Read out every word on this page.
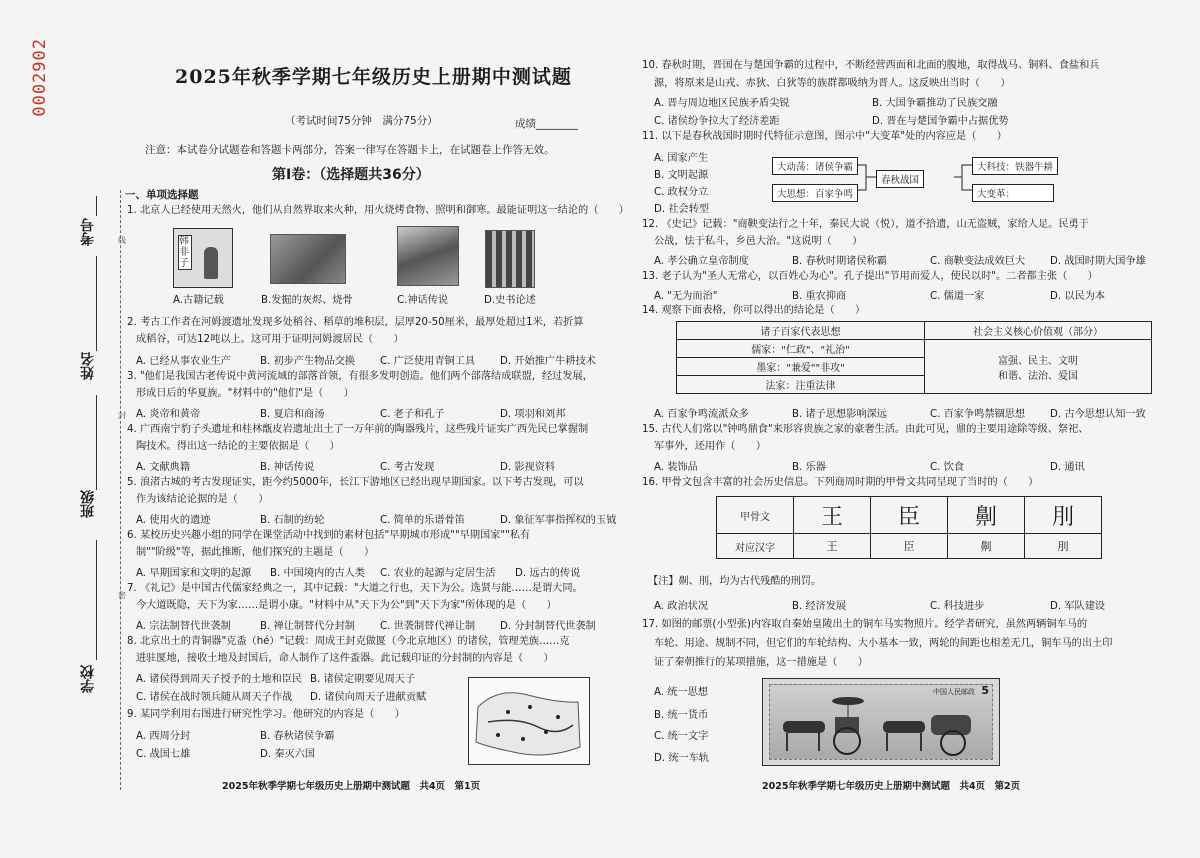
0002902
考号
姓名
班级
学校
线
封
密
2025年秋季学期七年级历史上册期中测试题
（考试时间75分钟　满分75分）	成绩________
注意：本试卷分试题卷和答题卡两部分，答案一律写在答题卡上，在试题卷上作答无效。
第Ⅰ卷：（选择题共36分）
一、单项选择题
1. 北京人已经使用天然火，他们从自然界取来火种，用火烧烤食物、照明和御寒。最能证明这一结论的（　　）
韩非子
A.古籍记载	B.发掘的灰烬、烧骨	C.神话传说	D.史书论述
2. 考古工作者在河姆渡遗址发现多处稻谷、稻草的堆积层，层厚20-50厘米，最厚处超过1米，若折算
成稻谷，可达12吨以上。这可用于证明河姆渡居民（　　）
A. 已经从事农业生产	B. 初步产生物品交换 C. 广泛使用青铜工具 D. 开始推广牛耕技术
3. "他们是我国古老传说中黄河流域的部落首领，有很多发明创造。他们两个部落结成联盟，经过发展，
形成日后的华夏族。"材料中的"他们"是（　　）
A. 炎帝和黄帝	B. 夏启和商汤	C. 老子和孔子	D. 项羽和刘邦
4. 广西南宁豹子头遗址和桂林甑皮岩遗址出土了一万年前的陶器残片，这些残片证实广西先民已掌握制
陶技术。得出这一结论的主要依据是（　　）
A. 文献典籍	B. 神话传说	C. 考古发现	D. 影视资料
5. 浪渚古城的考古发现证实，距今约5000年，长江下游地区已经出现早期国家。以下考古发现，可以
作为该结论论据的是（　　）
A. 使用火的遗迹	B. 石制的纺轮	C. 简单的乐谱骨笛	D. 象征军事指挥权的玉钺
6. 某校历史兴趣小组的同学在课堂活动中找到的素材包括"早期城市形成""早期国家""私有
制""阶级"等，据此推断，他们探究的主题是（　　）
A. 早期国家和文明的起源 B. 中国境内的古人类 C. 农业的起源与定居生活 D. 远古的传说
7. 《礼记》是中国古代儒家经典之一，其中记载："大道之行也，天下为公。选贤与能……是谓大同。
今大道既隐，天下为家……是谓小康。"材料中从"天下为公"到"天下为家"所体现的是（　　）
A. 宗法制替代世袭制	B. 禅让制替代分封制 C. 世袭制替代禅让制 D. 分封制替代世袭制
8. 北京出土的青铜器"克盉（hé）"记载：周成王封克做匽（今北京地区）的诸侯，管理羌族……克
进驻匽地，接收土地及封国后，命人制作了这件盉器。此记载印证的分封制的内容是（　　）
A. 诸侯得到周天子授予的土地和臣民 B. 诸侯定期要见周天子
C. 诸侯在战时领兵随从周天子作战 D. 诸侯向周天子进献贡赋
9. 某同学利用右图进行研究性学习。他研究的内容是（　　）
A. 西周分封	B. 春秋诸侯争霸
C. 战国七雄	D. 秦灭六国
2025年秋季学期七年级历史上册期中测试题　共4页　第1页
10. 春秋时期，晋国在与楚国争霸的过程中，不断经营西面和北面的腹地，取得战马、铜料、食盐和兵
源，将原来是山戎、赤狄、白狄等的族群都吸纳为晋人。这反映出当时（　　）
A. 晋与周边地区民族矛盾尖锐	B. 大国争霸推动了民族交融
C. 诸侯纷争拉大了经济差距	D. 晋在与楚国争霸中占据优势
11. 以下是春秋战国时期时代特征示意图，图示中"大变革"处的内容应是（　　）
A. 国家产生
B. 文明起源
C. 政权分立
D. 社会转型
大动荡：诸侯争霸
大思想：百家争鸣
春秋战国
大科技：铁器牛耕
大变革：
12. 《史记》记载："商鞅变法行之十年，秦民大说（悦），道不拾遗，山无盗贼，家给人足。民勇于
公战，怯于私斗，乡邑大治。"这说明（　　）
A. 孝公确立皇帝制度	B. 春秋时期诸侯称霸	C. 商鞅变法成效巨大 D. 战国时期大国争雄
13. 老子认为"圣人无常心，以百姓心为心"。孔子提出"节用而爱人，使民以时"。二者都主张（　　）
A. "无为而治"	B. 重农抑商	C. 儒道一家	D. 以民为本
14. 观察下面表格，你可以得出的结论是（　　）
诸子百家代表思想	社会主义核心价值观（部分）
儒家："仁政"、"礼治"	富强、民主、文明
和谐、法治、爱国

墨家："兼爱""非攻"	
法家：注重法律	
A. 百家争鸣流派众多	B. 诸子思想影响深远	C. 百家争鸣禁锢思想 D. 古今思想认知一致
15. 古代人们常以"钟鸣鼎食"来形容贵族之家的豪奢生活。由此可见，鼎的主要用途除等级、祭祀、
军事外，还用作（　　）
A. 装饰品	B. 乐器	C. 饮食	D. 通讯
16. 甲骨文包含丰富的社会历史信息。下列商周时期的甲骨文共同呈现了当时的（　　）
甲骨文	王	臣	劓	刖
对应汉字	王	臣	劓	刖
【注】劓、刖，均为古代残酷的刑罚。
A. 政治状况	B. 经济发展	C. 科技进步	D. 军队建设
17. 如图的邮票(小型张)内容取自秦始皇陵出土的铜车马实物照片。经学者研究，虽然两辆铜车马的
车轮、用途、规制不同，但它们的车轮结构、大小基本一致，两轮的间距也相差无几，铜车马的出土印
证了秦朝推行的某项措施，这一措施是（　　）
A. 统一思想
B. 统一货币
C. 统一文字
D. 统一车轨
中国人民邮政 5
2025年秋季学期七年级历史上册期中测试题　共4页　第2页
